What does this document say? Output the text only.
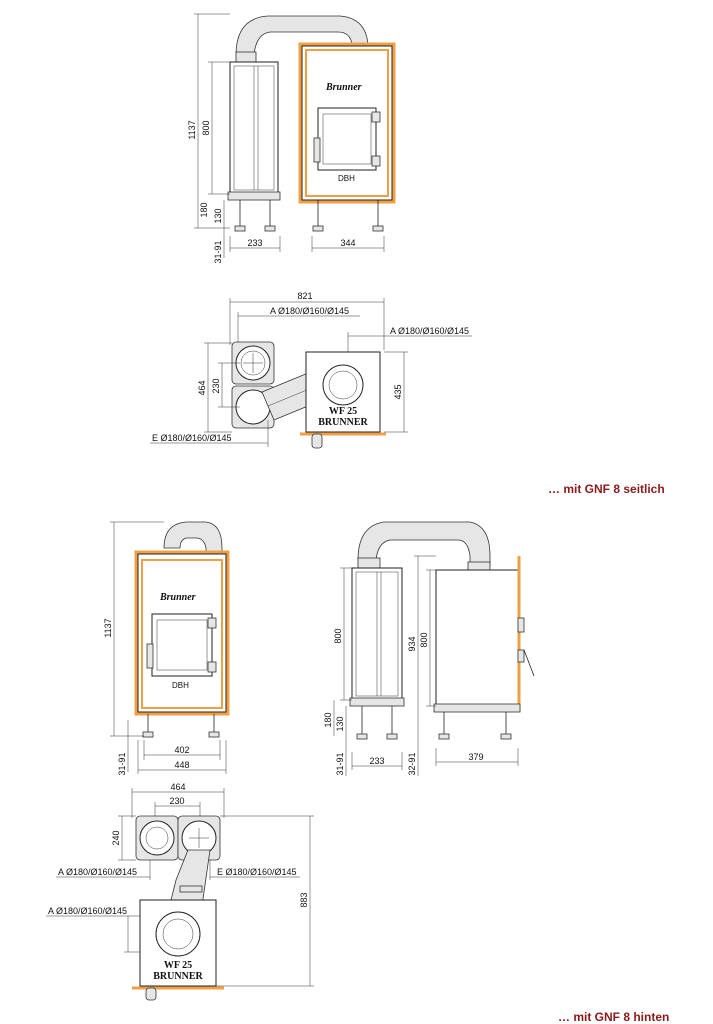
Brunner
DBH
1137 800
180 130
31-91	233	344
821
A Ø180/Ø160/Ø145
A Ø180/Ø160/Ø145
WF 25
BRUNNER
464 230	435
E Ø180/Ø160/Ø145
Brunner
DBH
1137
31-91
402
448
800
180 130
31-91	233
934 800
32-91	379
464
230
WF 25
BRUNNER
240
A Ø180/Ø160/Ø145	E Ø180/Ø160/Ø145
A Ø180/Ø160/Ø145
883
… mit GNF 8 seitlich
… mit GNF 8 hinten
